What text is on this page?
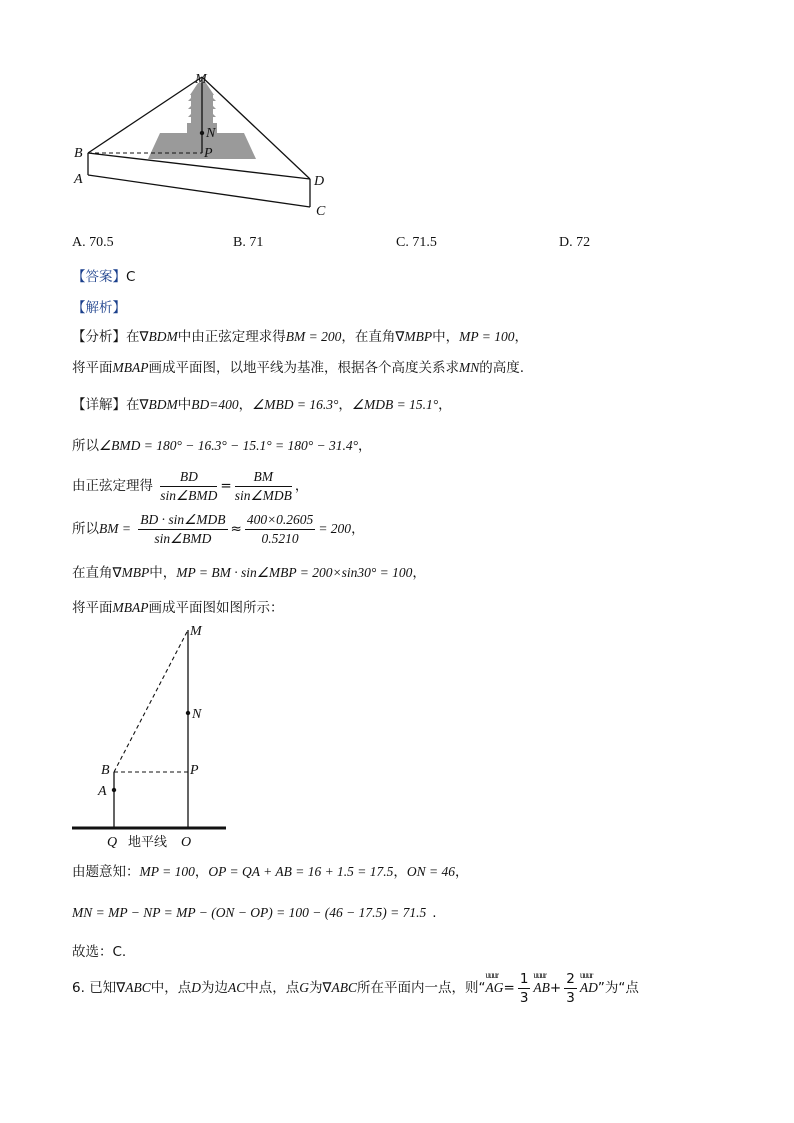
M
N
P
B
A	D
C
A. 70.5	B. 71	C. 71.5	D. 72
【答案】C
【解析】
【分析】在∇BDM中由正弦定理求得BM = 200，在直角∇MBP中，MP = 100，
将平面MBAP画成平面图，以地平线为基准，根据各个高度关系求MN的高度.
【详解】在∇BDM中BD=400，∠MBD = 16.3°，∠MDB = 15.1°，
所以∠BMD = 180° − 16.3° − 15.1° = 180° − 31.4°，
由正弦定理得 $\frac{BD}{\text{sin∠BMD}} = \frac{BM}{\text{sin∠MDB}}$ ，
所以BM = $\frac{\text{BD · sin∠MDB}}{\text{sin∠BMD}} \approx \frac{400\times 0.2605}{0.5210} = 200$，
在直角∇MBP中，MP = BM · sin∠MBP = 200×sin30° = 100，
将平面MBAP画成平面图如图所示：
M
N
B	P
A
Q	O
地平线
由题意知：MP = 100，OP = QA + AB = 16 + 1.5 = 17.5，ON = 46，
MN = MP − NP = MP − (ON − OP) = 100 − (46 − 17.5) = 71.5 .
故选：C.
6. 已知∇ABC中，点D为边AC中点，点G为∇ABC所在平面内一点，则“
uuur
$AG= \frac{1}{3}$ uuur
$AB+ \frac{2}{3}$ uuur
AD”为“点
